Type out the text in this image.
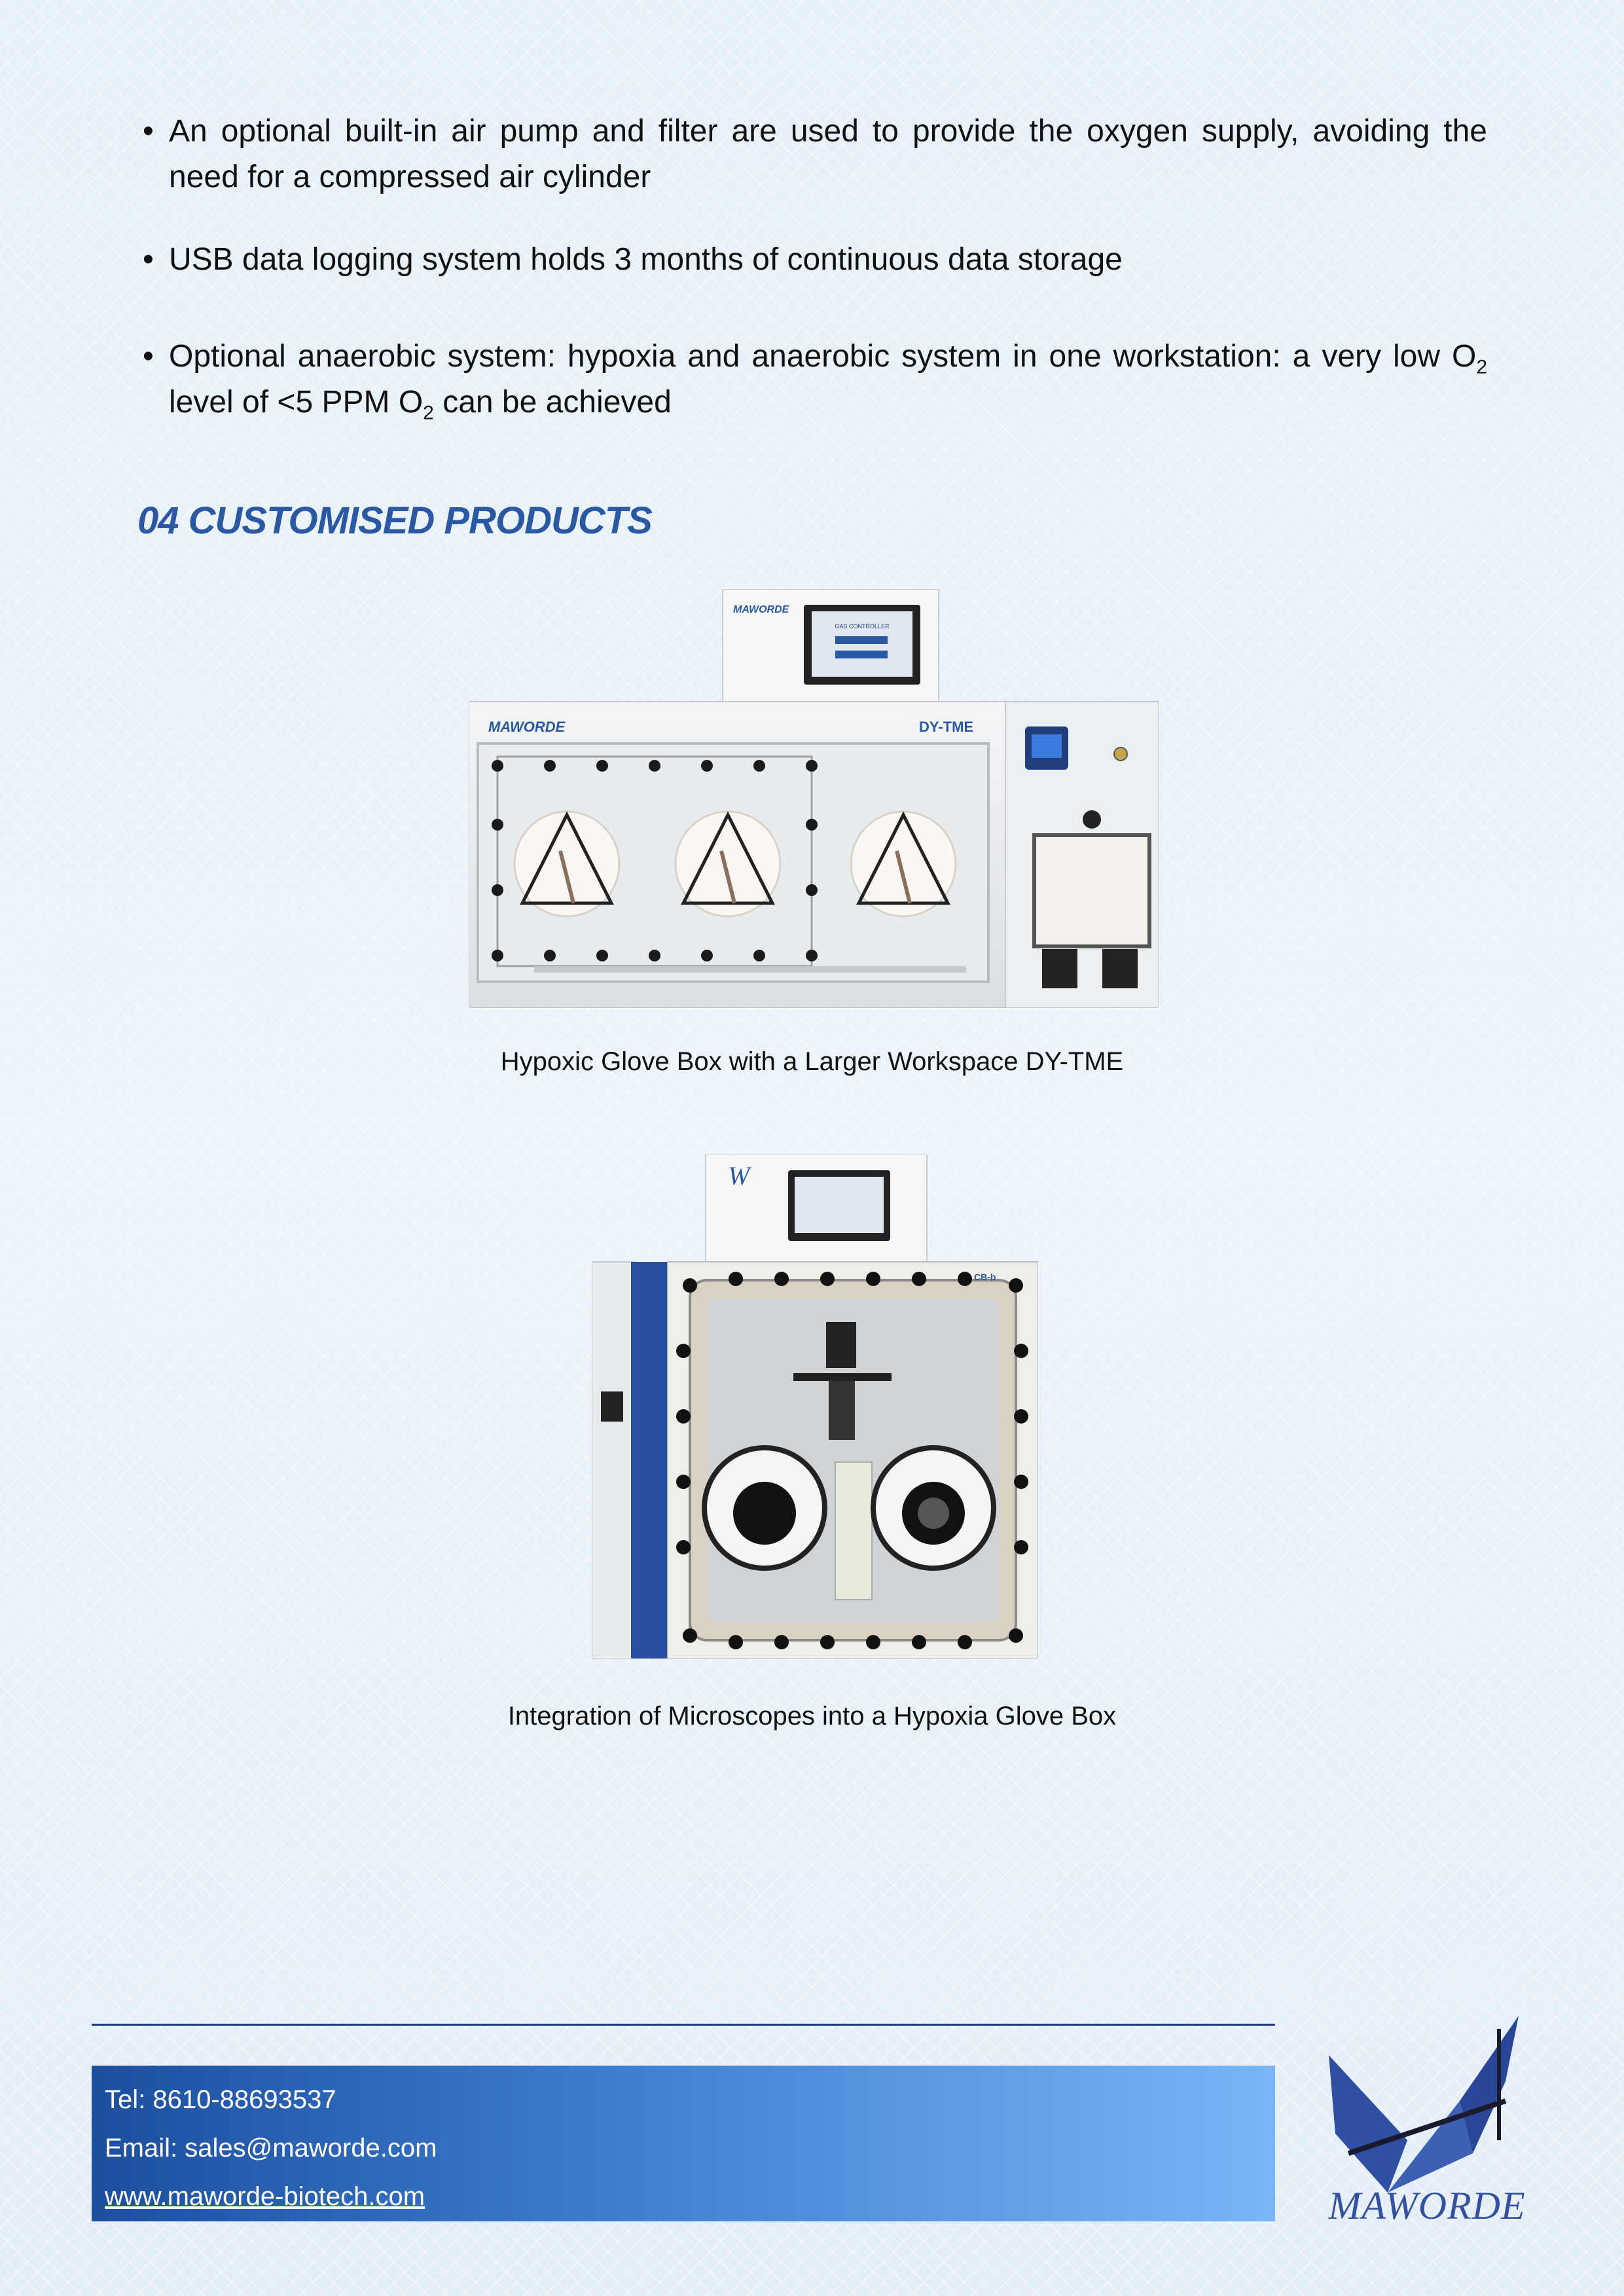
• An optional built-in air pump and filter are used to provide the oxygen supply, avoiding the need for a compressed air cylinder
• USB data logging system holds 3 months of continuous data storage
• Optional anaerobic system: hypoxia and anaerobic system in one workstation: a very low $O_2$ level of <5 PPM $O_2$ can be achieved
04 CUSTOMISED PRODUCTS
MAWORDE
GAS CONTROLLER
MAWORDE	DY-TME
Hypoxic Glove Box with a Larger Workspace DY-TME
W
CB-b
Integration of Microscopes into a Hypoxia Glove Box
Tel: 8610-88693537
Email: sales@maworde.com
www.maworde-biotech.com	MAWORDE
